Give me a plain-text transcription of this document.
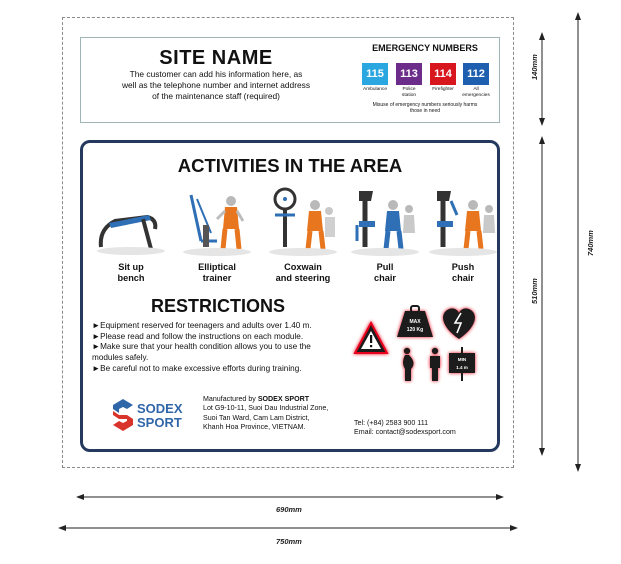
SITE NAME
The customer can add his information here, as
well as the telephone number and internet address
of the maintenance staff (required)
EMERGENCY NUMBERS
115
Ambulance
113
Police
station
114
Firefighter
112
All
emergencies
Misuse of emergency numbers seriously harms
those in need
ACTIVITIES IN THE AREA
Sit up
bench
Elliptical
trainer
Coxwain
and steering
Pull
chair
Push
chair
RESTRICTIONS
►Equipment reserved for teenagers and adults over 1.40 m.
►Please read and follow the instructions on each module.
►Make sure that your health condition allows you to use the
modules safely.
►Be careful not to make excessive efforts during training.
MAX
120 Kg
MIN
1.4 m
SODEX
SPORT
Manufactured by SODEX SPORT
Lot G9-10-11, Suoi Dau Industrial Zone,
Suoi Tan Ward, Cam Lam District,
Khanh Hoa Province, VIETNAM.
Tel: (+84) 2583 900 111
Email: contact@sodexsport.com
140mm
510mm
740mm
690mm
750mm
